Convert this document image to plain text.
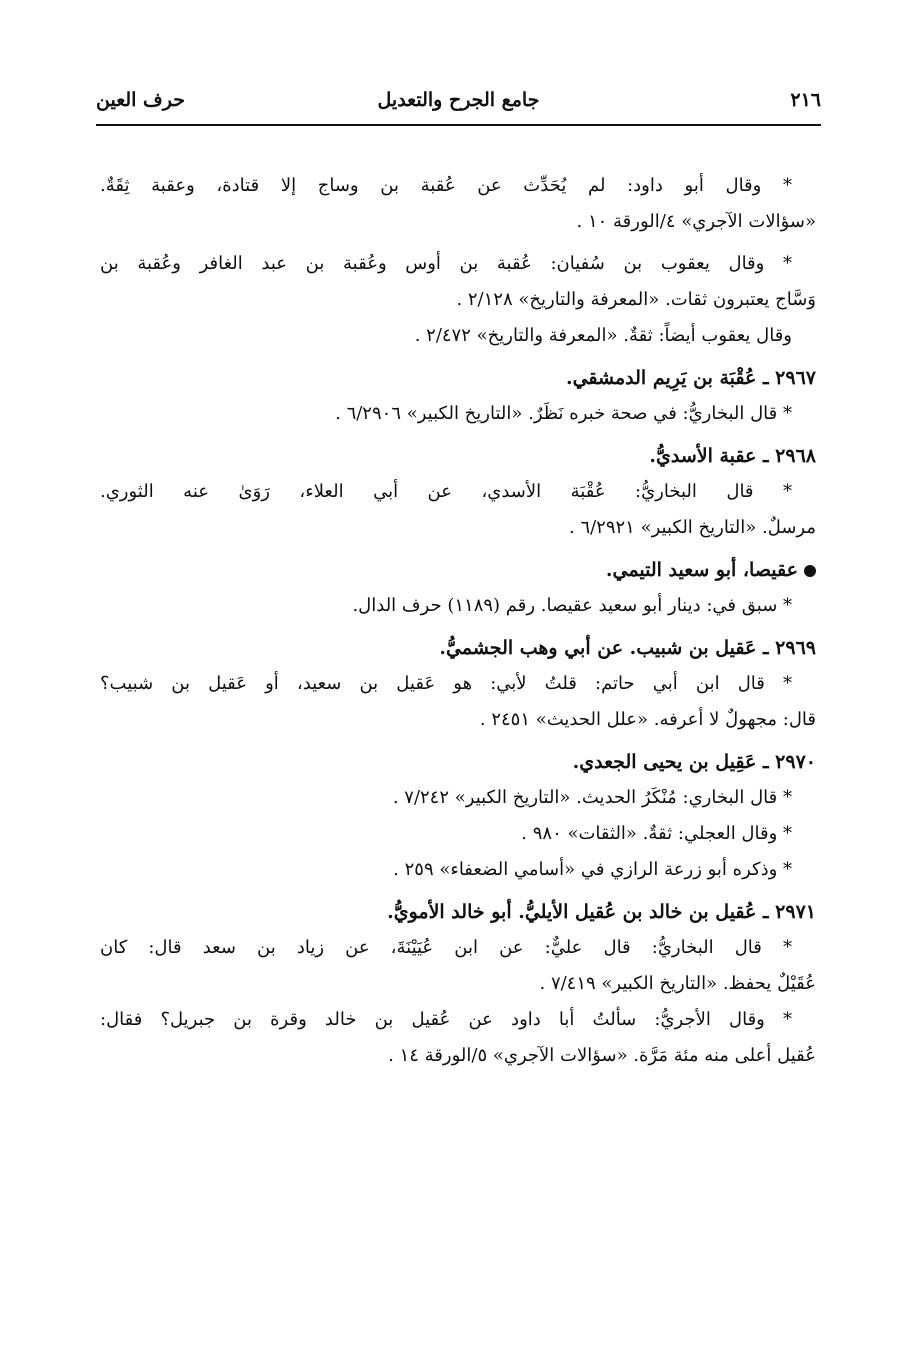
٢١٦
جامع الجرح والتعديل
حرف العين
* وقال أبو داود: لم يُحَدِّث عن عُقبة بن وساج إلا قتادة، وعقبة ثِقَةٌ.
«سؤالات الآجري» ٤/الورقة ١٠ .
* وقال يعقوب بن سُفيان: عُقبة بن أوس وعُقبة بن عبد الغافر وعُقبة بن
وَسَّاج يعتبرون ثقات. «المعرفة والتاريخ» ٢/١٢٨ .
وقال يعقوب أيضاً: ثقةٌ. «المعرفة والتاريخ» ٢/٤٧٢ .
٢٩٦٧ ـ عُقْبَة بن يَرِيم الدمشقي.
* قال البخاريُّ: في صحة خبره نَظَرٌ. «التاريخ الكبير» ٦/٢٩٠٦ .
٢٩٦٨ ـ عقبة الأسديُّ.
* قال البخاريُّ: عُقْبَة الأسدي، عن أبي العلاء، رَوَىٰ عنه الثوري.
مرسلٌ. «التاريخ الكبير» ٦/٢٩٢١ .
عقيصا، أبو سعيد التيمي.
* سبق في: دينار أبو سعيد عقيصا. رقم (١١٨٩) حرف الدال.
٢٩٦٩ ـ عَقيل بن شبيب. عن أبي وهب الجشميُّ.
* قال ابن أبي حاتم: قلتُ لأبي: هو عَقيل بن سعيد، أو عَقيل بن شبيب؟
قال: مجهولٌ لا أعرفه. «علل الحديث» ٢٤٥١ .
٢٩٧٠ ـ عَقِيل بن يحيى الجعدي.
* قال البخاري: مُنْكَرُ الحديث. «التاريخ الكبير» ٧/٢٤٢ .
* وقال العجلي: ثقةٌ. «الثقات» ٩٨٠ .
* وذكره أبو زرعة الرازي في «أسامي الضعفاء» ٢٥٩ .
٢٩٧١ ـ عُقيل بن خالد بن عُقيل الأيليُّ. أبو خالد الأمويُّ.
* قال البخاريُّ: قال عليٌّ: عن ابن عُيَيْنَةَ، عن زياد بن سعد قال: كان
عُقَيْلٌ يحفظ. «التاريخ الكبير» ٧/٤١٩ .
* وقال الأجريُّ: سألتُ أبا داود عن عُقيل بن خالد وقرة بن جبريل؟ فقال:
عُقيل أعلى منه مئة مَرَّة. «سؤالات الآجري» ٥/الورقة ١٤ .
